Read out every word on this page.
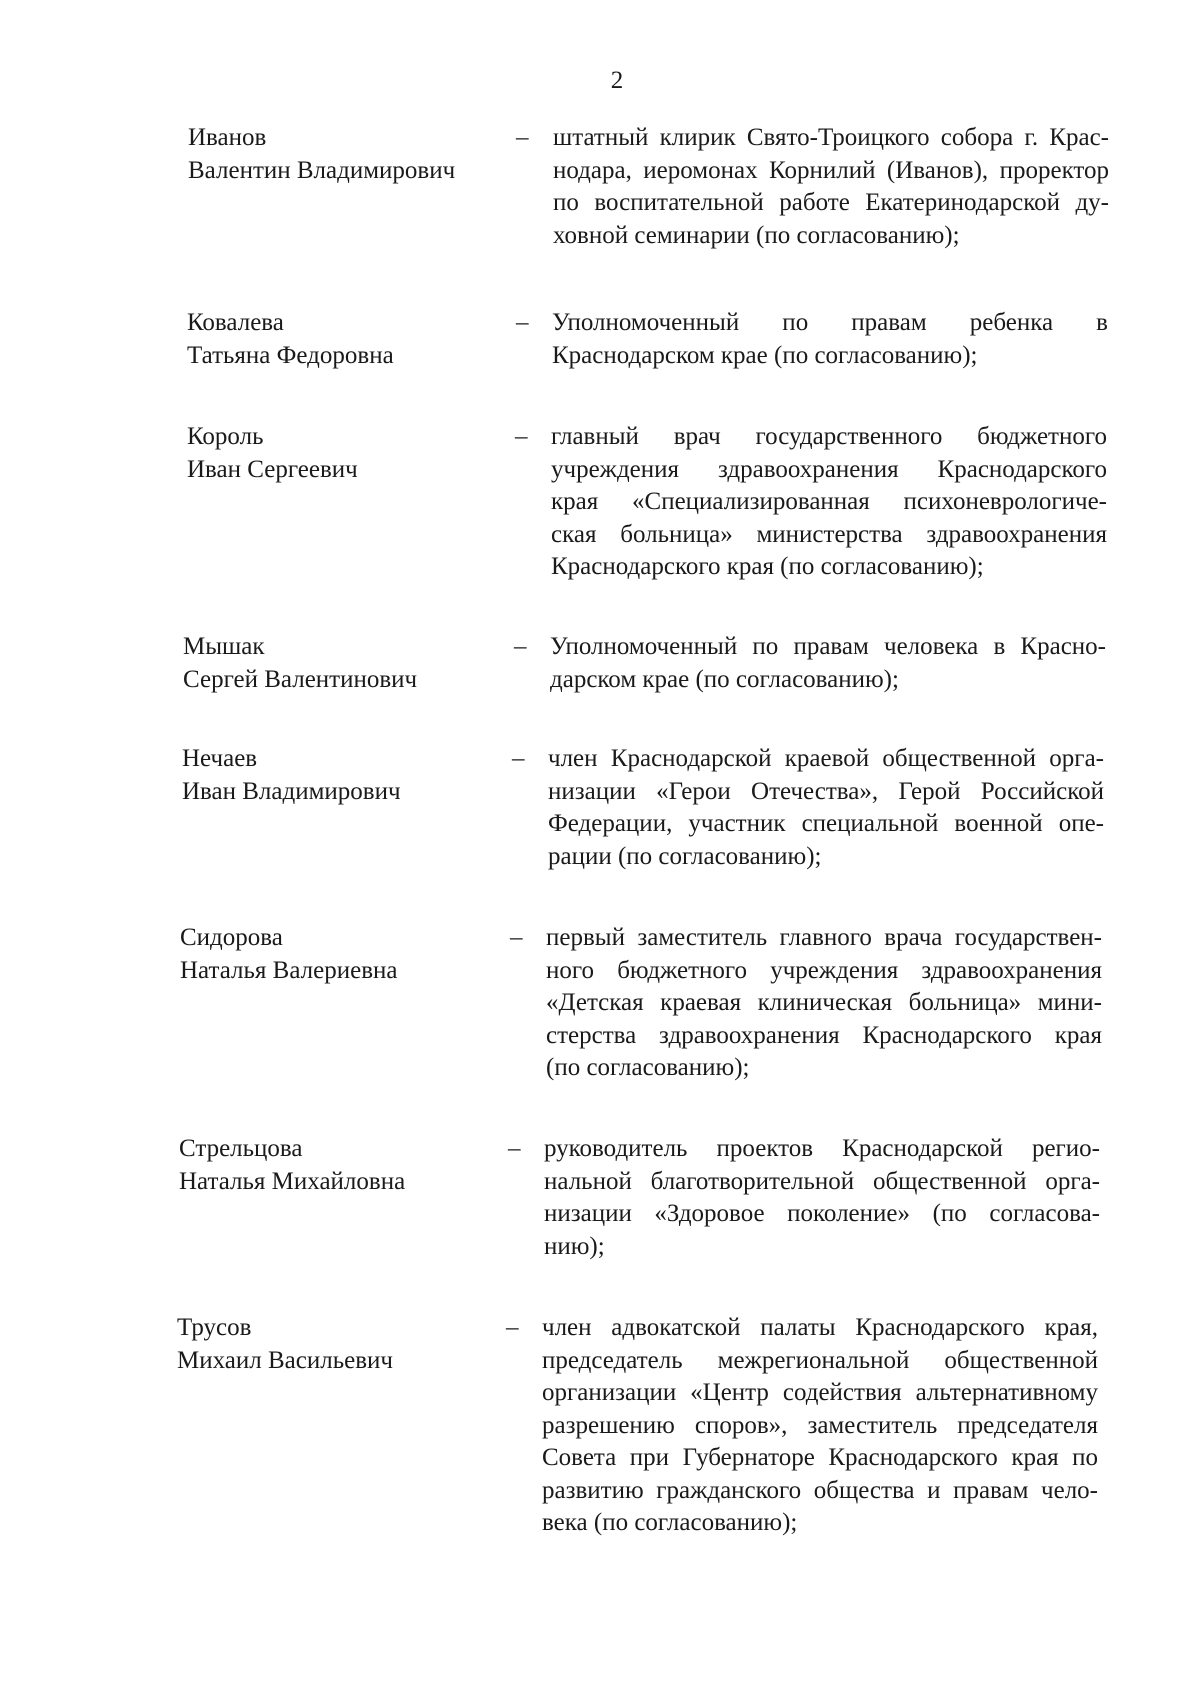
2
Иванов
Валентин Владимирович
– штатный клирик Свято-Троицкого собора г. Крас-
нодара, иеромонах Корнилий (Иванов), проректор
по воспитательной работе Екатеринодарской ду-
ховной семинарии (по согласованию);
Ковалева
Татьяна Федоровна
– Уполномоченный по правам ребенка в
Краснодарском крае (по согласованию);
Король
Иван Сергеевич
– главный врач государственного бюджетного
учреждения здравоохранения Краснодарского
края «Специализированная психоневрологиче-
ская больница» министерства здравоохранения
Краснодарского края (по согласованию);
Мышак
Сергей Валентинович
– Уполномоченный по правам человека в Красно-
дарском крае (по согласованию);
Нечаев
Иван Владимирович
– член Краснодарской краевой общественной орга-
низации «Герои Отечества», Герой Российской
Федерации, участник специальной военной опе-
рации (по согласованию);
Сидорова
Наталья Валериевна
– первый заместитель главного врача государствен-
ного бюджетного учреждения здравоохранения
«Детская краевая клиническая больница» мини-
стерства здравоохранения Краснодарского края
(по согласованию);
Стрельцова
Наталья Михайловна
– руководитель проектов Краснодарской регио-
нальной благотворительной общественной орга-
низации «Здоровое поколение» (по согласова-
нию);
Трусов
Михаил Васильевич
– член адвокатской палаты Краснодарского края,
председатель межрегиональной общественной
организации «Центр содействия альтернативному
разрешению споров», заместитель председателя
Совета при Губернаторе Краснодарского края по
развитию гражданского общества и правам чело-
века (по согласованию);
